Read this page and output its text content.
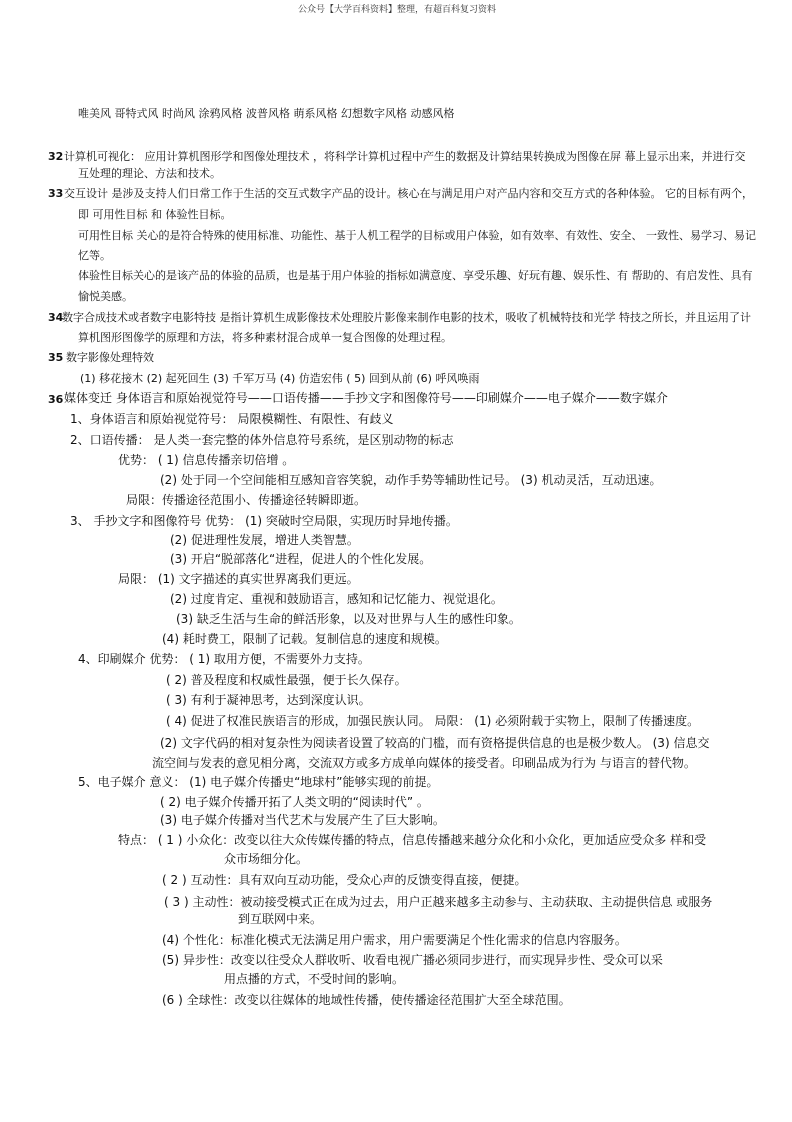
公众号【大学百科资料】整理，有超百科复习资料
唯美风 哥特式风 时尚风 涂鸦风格 波普风格 萌系风格 幻想数字风格 动感风格
32 计算机可视化： 应用计算机图形学和图像处理技术 ，将科学计算机过程中产生的数据及计算结果转换成为图像在屏 幕上显示出来，并进行交
互处理的理论、方法和技术。
33 交互设计 是涉及支持人们日常工作于生活的交互式数字产品的设计。核心在与满足用户对产品内容和交互方式的各种体验。 它的目标有两个，
即 可用性目标 和 体验性目标。
可用性目标 关心的是符合特殊的使用标准、功能性、基于人机工程学的目标或用户体验，如有效率、有效性、安全、 一致性、易学习、易记
忆等。
体验性目标关心的是该产品的体验的品质，也是基于用户体验的指标如满意度、享受乐趣、好玩有趣、娱乐性、有 帮助的、有启发性、具有
愉悦美感。
34
数字合成技术或者数字电影特技 是指计算机生成影像技术处理胶片影像来制作电影的技术，吸收了机械特技和光学 特技之所长，并且运用了计
算机图形图像学的原理和方法，将多种素材混合成单一复合图像的处理过程。
35 数字影像处理特效
(1) 移花接木 (2) 起死回生 (3) 千军万马 (4) 仿造宏伟 ( 5) 回到从前 (6) 呼风唤雨
36 媒体变迁 身体语言和原始视觉符号——口语传播——手抄文字和图像符号——印刷媒介——电子媒介——数字媒介
1、身体语言和原始视觉符号： 局限模糊性、有限性、有歧义
2、口语传播： 是人类一套完整的体外信息符号系统，是区别动物的标志
优势： ( 1) 信息传播亲切倍增 。
(2) 处于同一个空间能相互感知音容笑貌，动作手势等辅助性记号。 (3) 机动灵活，互动迅速。
局限：传播途径范围小、传播途径转瞬即逝。
3、 手抄文字和图像符号 优势： (1) 突破时空局限，实现历时异地传播。
(2) 促进理性发展，增进人类智慧。
(3) 开启“脱部落化“进程，促进人的个性化发展。
局限： (1) 文字描述的真实世界离我们更远。
(2) 过度肯定、重视和鼓励语言，感知和记忆能力、视觉退化。
(3) 缺乏生活与生命的鲜活形象，以及对世界与人生的感性印象。
(4) 耗时费工，限制了记载。复制信息的速度和规模。
4、印刷媒介 优势： ( 1) 取用方便，不需要外力支持。
( 2) 普及程度和权威性最强，便于长久保存。
( 3) 有利于凝神思考，达到深度认识。
( 4) 促进了权准民族语言的形成，加强民族认同。 局限： (1) 必须附载于实物上，限制了传播速度。
(2) 文字代码的相对复杂性为阅读者设置了较高的门槛，而有资格提供信息的也是极少数人。 (3) 信息交
流空间与发表的意见相分离，交流双方或多方成单向媒体的接受者。印刷品成为行为 与语言的替代物。
5、电子媒介 意义： (1) 电子媒介传播史“地球村”能够实现的前提。
( 2) 电子媒介传播开拓了人类文明的“阅读时代” 。
(3) 电子媒介传播对当代艺术与发展产生了巨大影响。
特点： ( 1 ) 小众化：改变以往大众传媒传播的特点，信息传播越来越分众化和小众化，更加适应受众多 样和受
众市场细分化。
( 2 ) 互动性：具有双向互动功能，受众心声的反馈变得直接，便捷。
( 3 ) 主动性：被动接受模式正在成为过去，用户正越来越多主动参与、主动获取、主动提供信息 或服务
到互联网中来。
(4) 个性化：标准化模式无法满足用户需求，用户需要满足个性化需求的信息内容服务。
(5) 异步性：改变以往受众人群收听、收看电视广播必须同步进行，而实现异步性、受众可以采
用点播的方式，不受时间的影响。
(6 ) 全球性：改变以往媒体的地域性传播，使传播途径范围扩大至全球范围。
